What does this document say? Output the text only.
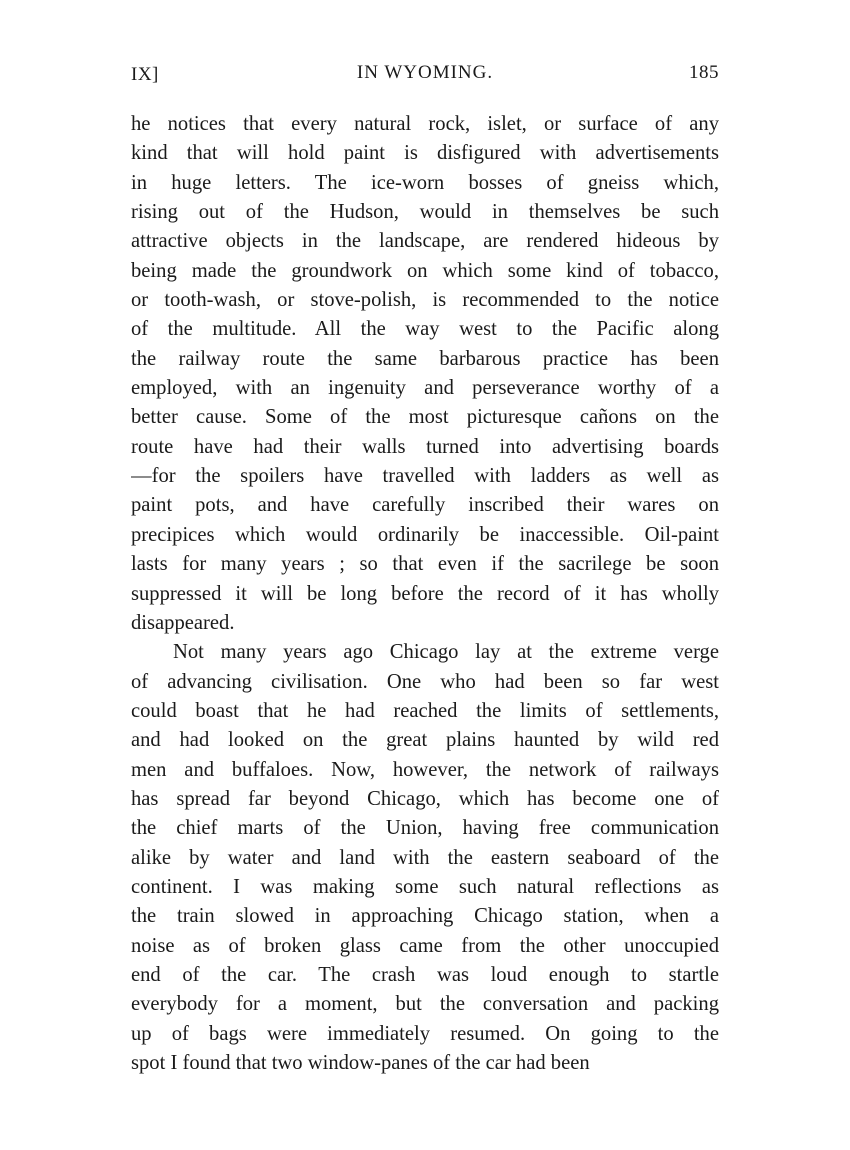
IX]	IN WYOMING.	185
he notices that every natural rock, islet, or surface of any
kind that will hold paint is disfigured with advertisements
in huge letters. The ice-worn bosses of gneiss which,
rising out of the Hudson, would in themselves be such
attractive objects in the landscape, are rendered hideous by
being made the groundwork on which some kind of tobacco,
or tooth-wash, or stove-polish, is recommended to the notice
of the multitude. All the way west to the Pacific along
the railway route the same barbarous practice has been
employed, with an ingenuity and perseverance worthy of a
better cause. Some of the most picturesque cañons on the
route have had their walls turned into advertising boards
—for the spoilers have travelled with ladders as well as
paint pots, and have carefully inscribed their wares on
precipices which would ordinarily be inaccessible. Oil-paint
lasts for many years ; so that even if the sacrilege be soon
suppressed it will be long before the record of it has wholly
disappeared.
Not many years ago Chicago lay at the extreme verge
of advancing civilisation. One who had been so far west
could boast that he had reached the limits of settlements,
and had looked on the great plains haunted by wild red
men and buffaloes. Now, however, the network of railways
has spread far beyond Chicago, which has become one of
the chief marts of the Union, having free communication
alike by water and land with the eastern seaboard of the
continent. I was making some such natural reflections as
the train slowed in approaching Chicago station, when a
noise as of broken glass came from the other unoccupied
end of the car. The crash was loud enough to startle
everybody for a moment, but the conversation and packing
up of bags were immediately resumed. On going to the
spot I found that two window-panes of the car had been
